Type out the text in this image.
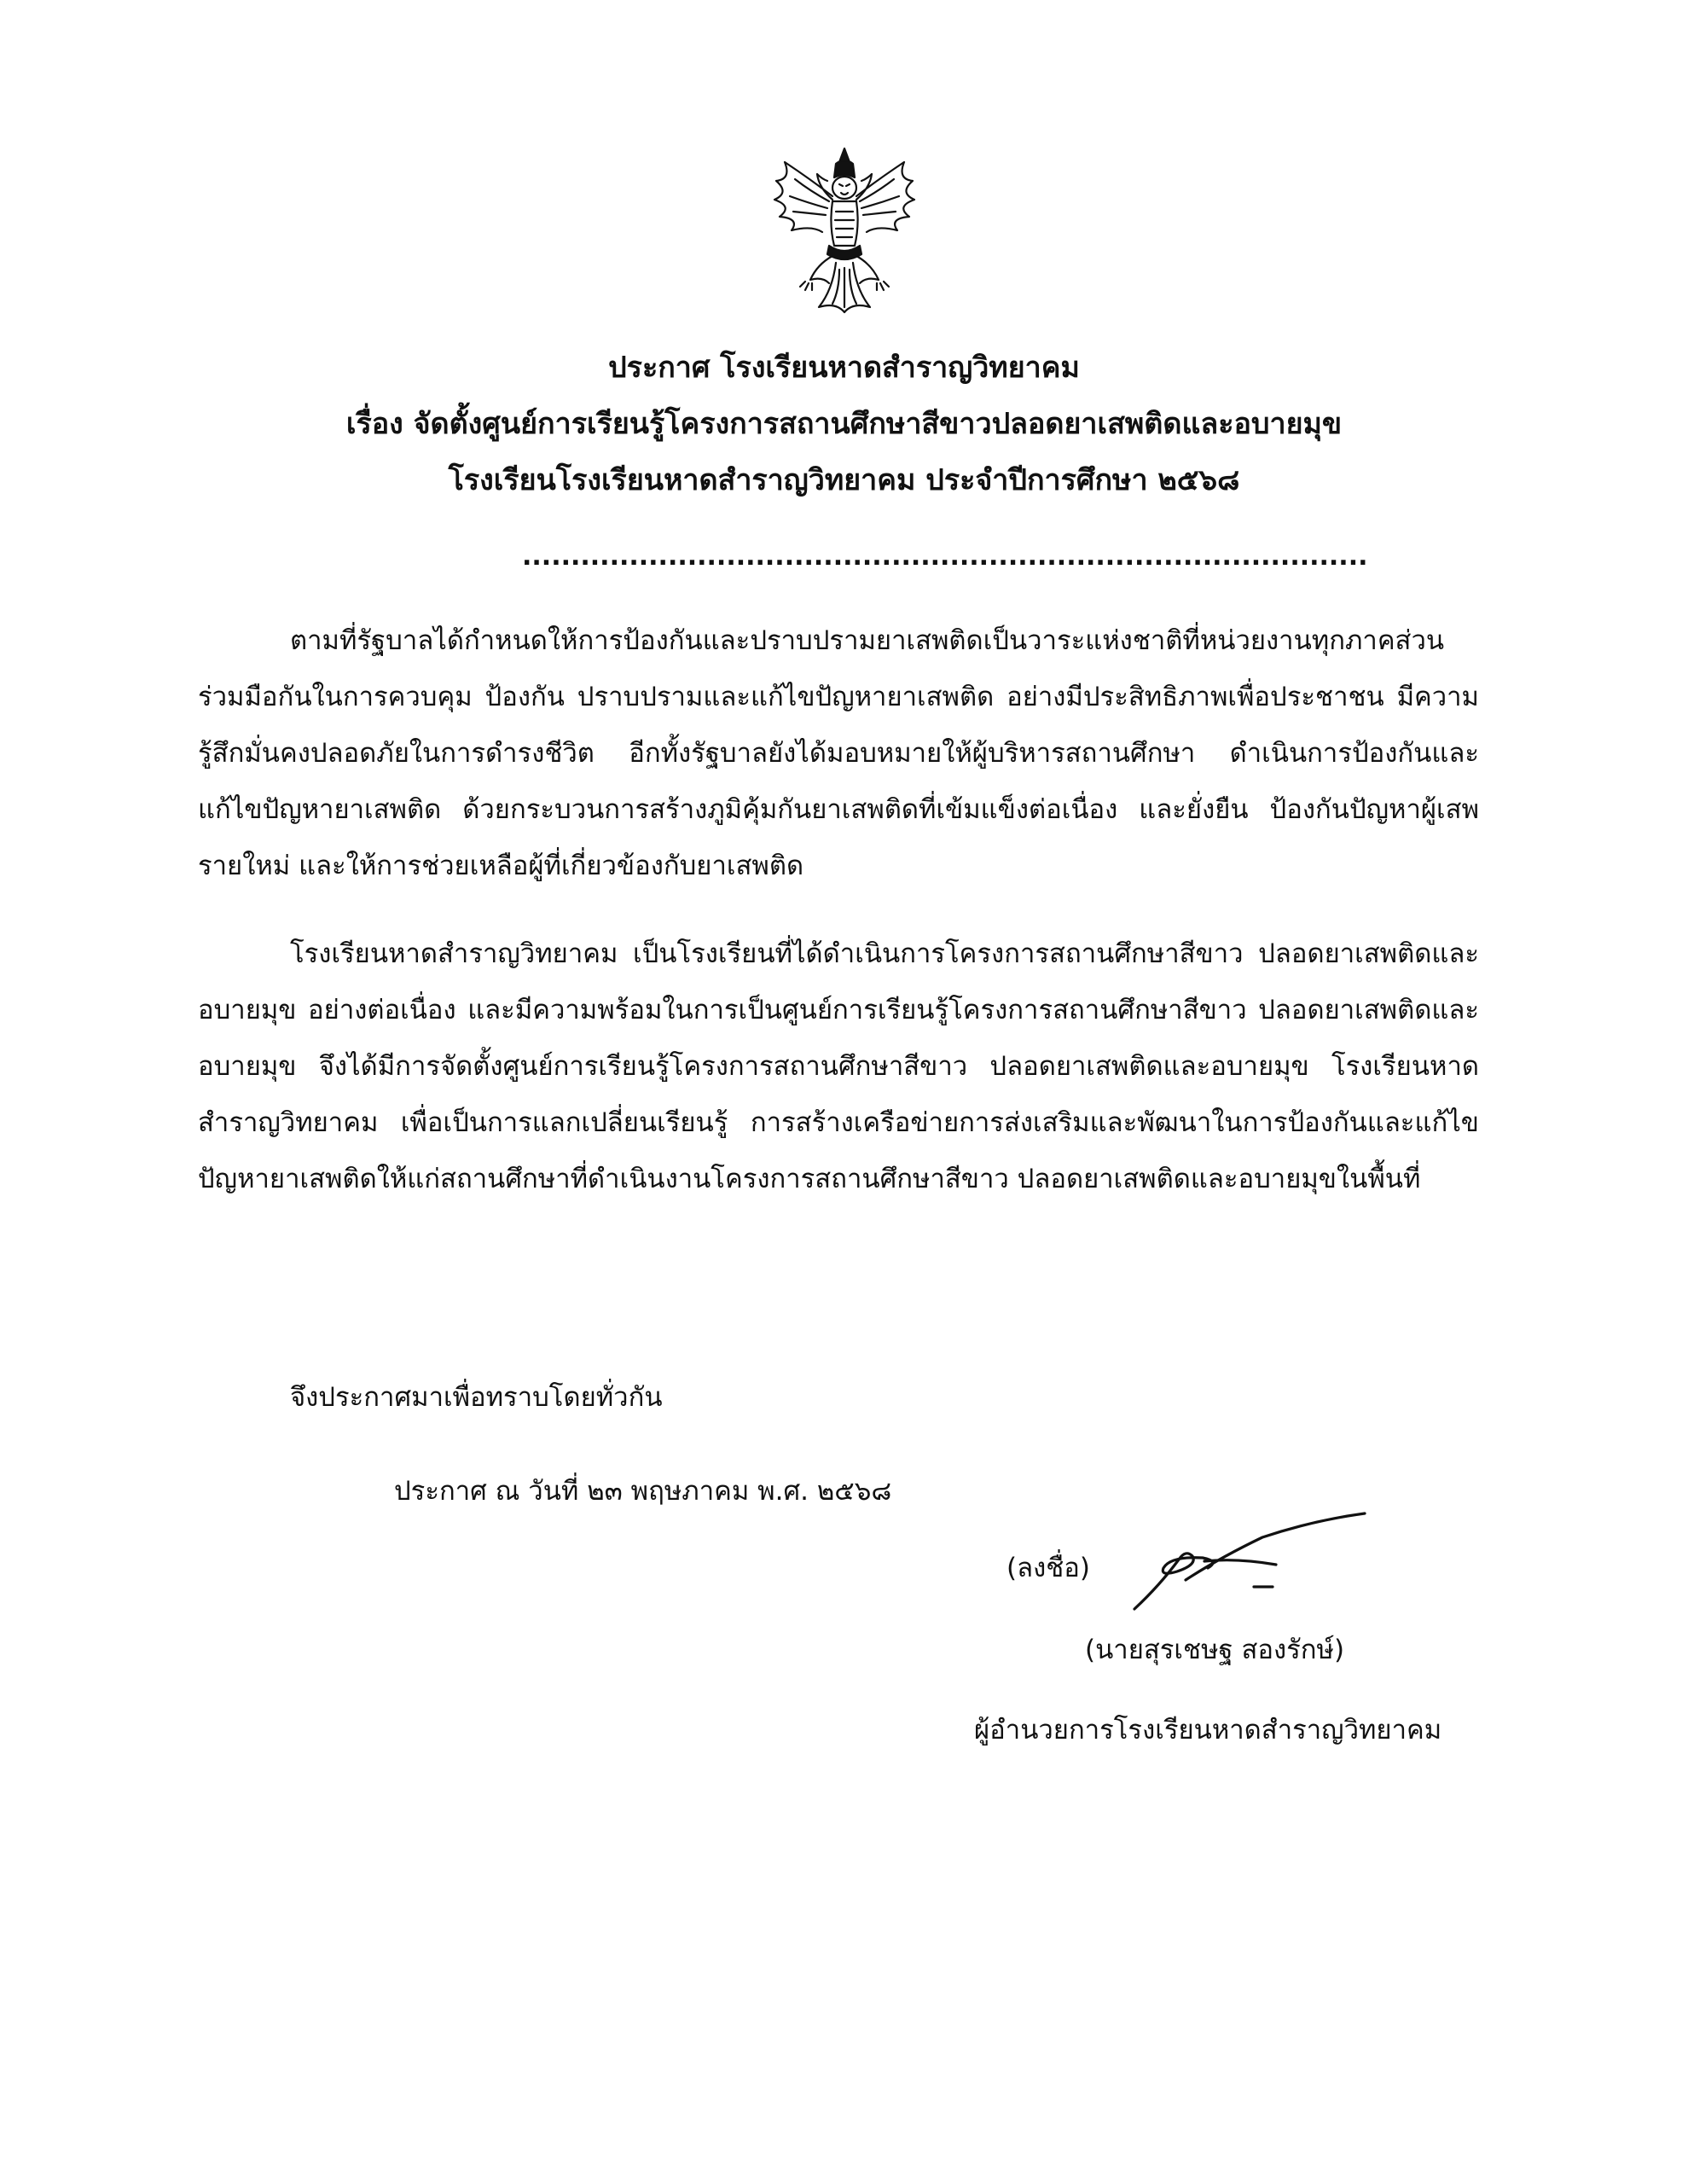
ประกาศ โรงเรียนหาดสำราญวิทยาคม

เรื่อง จัดตั้งศูนย์การเรียนรู้โครงการสถานศึกษาสีขาวปลอดยาเสพติดและอบายมุข

โรงเรียนโรงเรียนหาดสำราญวิทยาคม ประจำปีการศึกษา ๒๕๖๘

.......................................................................................

ตามที่รัฐบาลได้กำหนดให้การป้องกันและปราบปรามยาเสพติดเป็นวาระแห่งชาติที่หน่วยงานทุกภาคส่วนร่วมมือกันในการควบคุม ป้องกัน ปราบปรามและแก้ไขปัญหายาเสพติด อย่างมีประสิทธิภาพเพื่อประชาชน มีความรู้สึกมั่นคงปลอดภัยในการดำรงชีวิต อีกทั้งรัฐบาลยังได้มอบหมายให้ผู้บริหารสถานศึกษา ดำเนินการป้องกันและแก้ไขปัญหายาเสพติด ด้วยกระบวนการสร้างภูมิคุ้มกันยาเสพติดที่เข้มแข็งต่อเนื่อง และยั่งยืน ป้องกันปัญหาผู้เสพรายใหม่ และให้การช่วยเหลือผู้ที่เกี่ยวข้องกับยาเสพติด

โรงเรียนหาดสำราญวิทยาคม เป็นโรงเรียนที่ได้ดำเนินการโครงการสถานศึกษาสีขาว ปลอดยาเสพติดและอบายมุข อย่างต่อเนื่อง และมีความพร้อมในการเป็นศูนย์การเรียนรู้โครงการสถานศึกษาสีขาว ปลอดยาเสพติดและอบายมุข จึงได้มีการจัดตั้งศูนย์การเรียนรู้โครงการสถานศึกษาสีขาว ปลอดยาเสพติดและอบายมุข โรงเรียนหาดสำราญวิทยาคม เพื่อเป็นการแลกเปลี่ยนเรียนรู้ การสร้างเครือข่ายการส่งเสริมและพัฒนาในการป้องกันและแก้ไขปัญหายาเสพติดให้แก่สถานศึกษาที่ดำเนินงานโครงการสถานศึกษาสีขาว ปลอดยาเสพติดและอบายมุขในพื้นที่

จึงประกาศมาเพื่อทราบโดยทั่วกัน
ประกาศ ณ วันที่ ๒๓ พฤษภาคม พ.ศ. ๒๕๖๘
(ลงชื่อ)
(นายสุรเชษฐ สองรักษ์)
ผู้อำนวยการโรงเรียนหาดสำราญวิทยาคม
